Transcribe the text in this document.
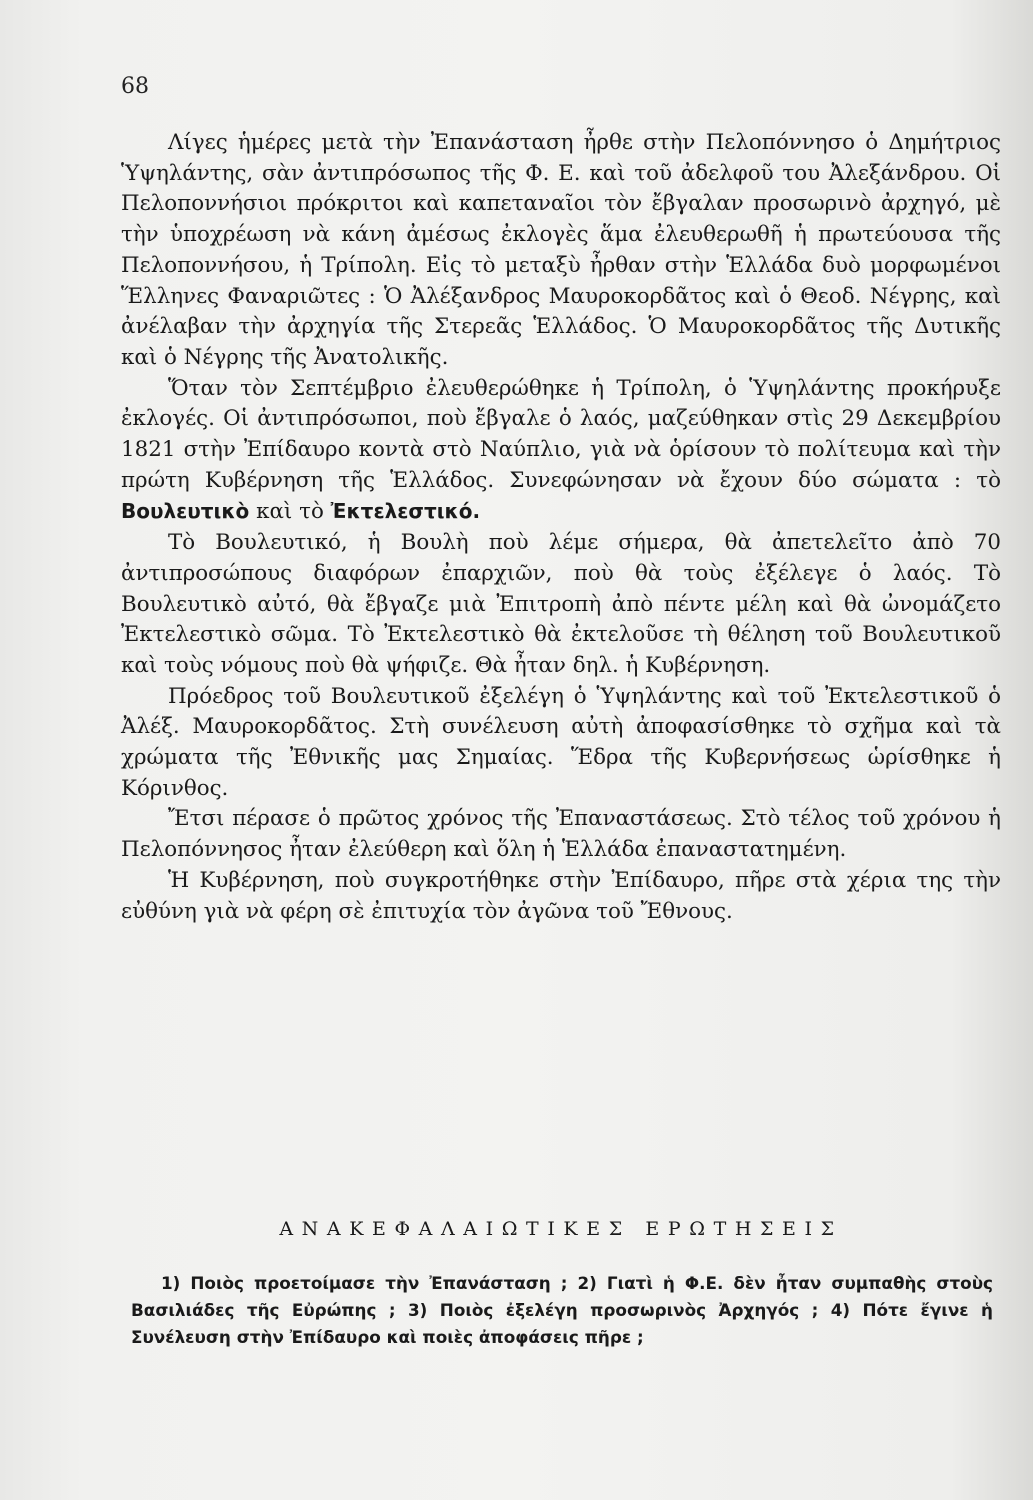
68

Λίγες ἡμέρες μετὰ τὴν Ἐπανάσταση ἦρθε στὴν Πελοπόννησο ὁ Δημήτριος Ὑψηλάντης, σὰν ἀντιπρόσωπος τῆς Φ. Ε. καὶ τοῦ ἀδελφοῦ του Ἀλεξάνδρου. Οἱ Πελοποννήσιοι πρόκριτοι καὶ καπεταναῖοι τὸν ἔβγαλαν προσωρινὸ ἀρχηγό, μὲ τὴν ὑποχρέωση νὰ κάνη ἀμέσως ἐκλογὲς ἅμα ἐλευθερωθῆ ἡ πρωτεύουσα τῆς Πελοποννήσου, ἡ Τρίπολη. Εἰς τὸ μεταξὺ ἦρθαν στὴν Ἑλλάδα δυὸ μορφωμένοι Ἕλληνες Φαναριῶτες : Ὁ Ἀλέξανδρος Μαυροκορδᾶτος καὶ ὁ Θεοδ. Νέγρης, καὶ ἀνέλαβαν τὴν ἀρχηγία τῆς Στερεᾶς Ἑλλάδος. Ὁ Μαυροκορδᾶτος τῆς Δυτικῆς καὶ ὁ Νέγρης τῆς Ἀνατολικῆς.

Ὅταν τὸν Σεπτέμβριο ἐλευθερώθηκε ἡ Τρίπολη, ὁ Ὑψηλάντης προκήρυξε ἐκλογές. Οἱ ἀντιπρόσωποι, ποὺ ἔβγαλε ὁ λαός, μαζεύθηκαν στὶς 29 Δεκεμβρίου 1821 στὴν Ἐπίδαυρο κοντὰ στὸ Ναύπλιο, γιὰ νὰ ὁρίσουν τὸ πολίτευμα καὶ τὴν πρώτη Κυβέρνηση τῆς Ἑλλάδος. Συνεφώνησαν νὰ ἔχουν δύο σώματα : τὸ Βουλευτικὸ καὶ τὸ Ἐκτελεστικό.

Τὸ Βουλευτικό, ἡ Βουλὴ ποὺ λέμε σήμερα, θὰ ἀπετελεῖτο ἀπὸ 70 ἀντιπροσώπους διαφόρων ἐπαρχιῶν, ποὺ θὰ τοὺς ἐξέλεγε ὁ λαός. Τὸ Βουλευτικὸ αὐτό, θὰ ἔβγαζε μιὰ Ἐπιτροπὴ ἀπὸ πέντε μέλη καὶ θὰ ὠνομάζετο Ἐκτελεστικὸ σῶμα. Τὸ Ἐκτελεστικὸ θὰ ἐκτελοῦσε τὴ θέληση τοῦ Βουλευτικοῦ καὶ τοὺς νόμους ποὺ θὰ ψήφιζε. Θὰ ἦταν δηλ. ἡ Κυβέρνηση.

Πρόεδρος τοῦ Βουλευτικοῦ ἐξελέγη ὁ Ὑψηλάντης καὶ τοῦ Ἐκτελεστικοῦ ὁ Ἀλέξ. Μαυροκορδᾶτος. Στὴ συνέλευση αὐτὴ ἀποφασίσθηκε τὸ σχῆμα καὶ τὰ χρώματα τῆς Ἐθνικῆς μας Σημαίας. Ἕδρα τῆς Κυβερνήσεως ὡρίσθηκε ἡ Κόρινθος.

Ἔτσι πέρασε ὁ πρῶτος χρόνος τῆς Ἐπαναστάσεως. Στὸ τέλος τοῦ χρόνου ἡ Πελοπόννησος ἦταν ἐλεύθερη καὶ ὅλη ἡ Ἑλλάδα ἐπαναστατημένη.

Ἡ Κυβέρνηση, ποὺ συγκροτήθηκε στὴν Ἐπίδαυρο, πῆρε στὰ χέρια της τὴν εὐθύνη γιὰ νὰ φέρη σὲ ἐπιτυχία τὸν ἀγῶνα τοῦ Ἔθνους.

ΑΝΑΚΕΦΑΛΑΙΩΤΙΚΕΣ ΕΡΩΤΗΣΕΙΣ
1) Ποιὸς προετοίμασε τὴν Ἐπανάσταση ; 2) Γιατὶ ἡ Φ.Ε. δὲν ἦταν συμπαθὴς στοὺς Βασιλιάδες τῆς Εὐρώπης ; 3) Ποιὸς ἐξελέγη προσωρινὸς Ἀρχηγός ; 4) Πότε ἔγινε ἡ Συνέλευση στὴν Ἐπίδαυρο καὶ ποιὲς ἀποφάσεις πῆρε ;
